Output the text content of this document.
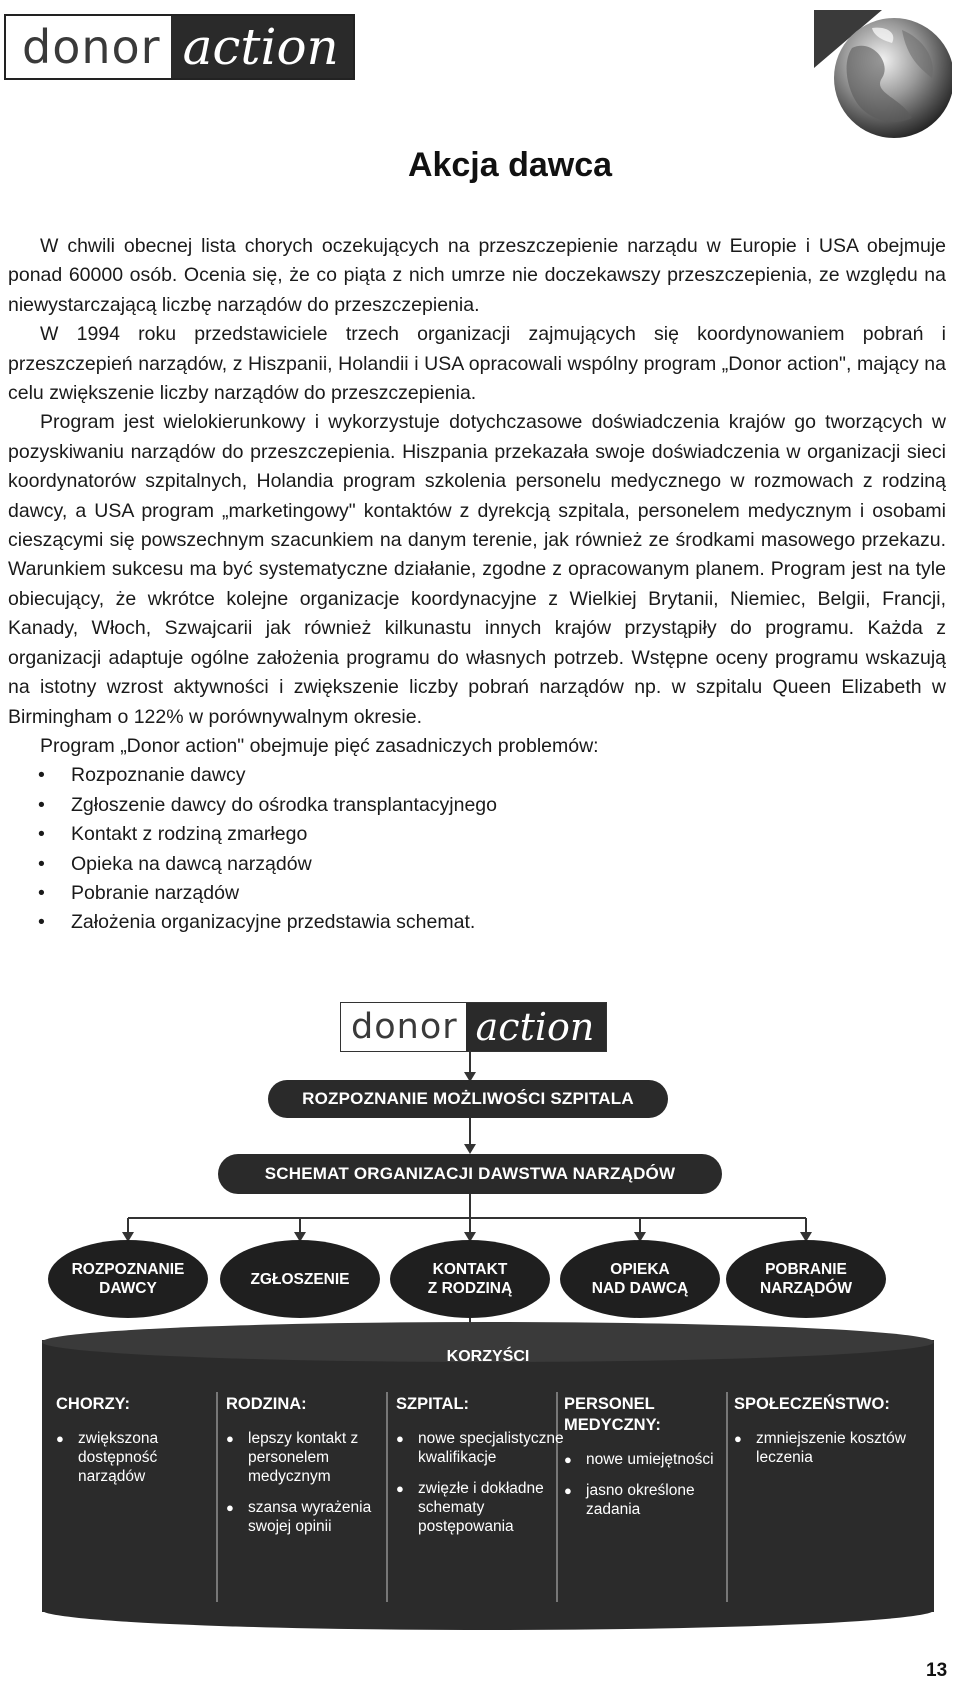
donor action
Akcja dawca

W chwili obecnej lista chorych oczekujących na przeszczepienie narządu w Europie i USA obejmuje ponad 60000 osób. Ocenia się, że co piąta z nich umrze nie doczekawszy przeszczepienia, ze względu na niewystarczającą liczbę narządów do przeszczepienia.

W 1994 roku przedstawiciele trzech organizacji zajmujących się koordynowaniem pobrań i przeszczepień narządów, z Hiszpanii, Holandii i USA opracowali wspólny program „Donor action", mający na celu zwiększenie liczby narządów do przeszczepienia.

Program jest wielokierunkowy i wykorzystuje dotychczasowe doświadczenia krajów go tworzących w pozyskiwaniu narządów do przeszczepienia. Hiszpania przekazała swoje doświadczenia w organizacji sieci koordynatorów szpitalnych, Holandia program szkolenia personelu medycznego w rozmowach z rodziną dawcy, a USA program „marketingowy" kontaktów z dyrekcją szpitala, personelem medycznym i osobami cieszącymi się powszechnym szacunkiem na danym terenie, jak również ze środkami masowego przekazu. Warunkiem sukcesu ma być systematyczne działanie, zgodne z opracowanym planem. Program jest na tyle obiecujący, że wkrótce kolejne organizacje koordynacyjne z Wielkiej Brytanii, Niemiec, Belgii, Francji, Kanady, Włoch, Szwajcarii jak również kilkunastu innych krajów przystąpiły do programu. Każda z organizacji adaptuje ogólne założenia programu do własnych potrzeb. Wstępne oceny programu wskazują na istotny wzrost aktywności i zwiększenie liczby pobrań narządów np. w szpitalu Queen Elizabeth w Birmingham o 122% w porównywalnym okresie.

Program „Donor action" obejmuje pięć zasadniczych problemów:

• Rozpoznanie dawcy
• Zgłoszenie dawcy do ośrodka transplantacyjnego
• Kontakt z rodziną zmarłego
• Opieka na dawcą narządów
• Pobranie narządów
• Założenia organizacyjne przedstawia schemat.
donor action
ROZPOZNANIE MOŻLIWOŚCI SZPITALA
SCHEMAT ORGANIZACJI DAWSTWA NARZĄDÓW
ROZPOZNANIE
DAWCY
ZGŁOSZENIE
KONTAKT
Z RODZINĄ
OPIEKA
NAD DAWCĄ
POBRANIE
NARZĄDÓW
KORZYŚCI
CHORZY:
● zwiększona dostępność narządów
RODZINA:
● lepszy kontakt z personelem medycznym
● szansa wyrażenia swojej opinii
SZPITAL:
● nowe specjalistyczne kwalifikacje
● zwięzłe i dokładne schematy postępowania
PERSONEL MEDYCZNY:
● nowe umiejętności
● jasno określone zadania
SPOŁECZEŃSTWO:
● zmniejszenie kosztów leczenia
13
